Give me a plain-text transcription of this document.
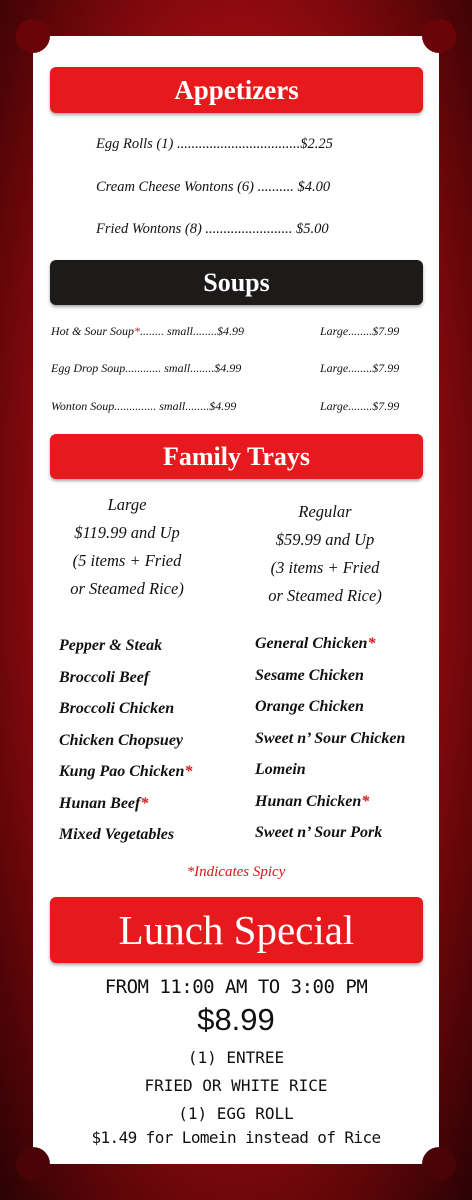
Appetizers
Egg Rolls (1) ..................................$2.25
Cream Cheese Wontons (6) .......... $4.00
Fried Wontons (8) ........................ $5.00
Soups
Hot & Sour Soup*........ small........$4.99	Large........$7.99
Egg Drop Soup............ small........$4.99	Large........$7.99
Wonton Soup.............. small........$4.99	Large........$7.99
Family Trays
Large
$119.99 and Up
(5 items + Fried
or Steamed Rice)
Regular
$59.99 and Up
(3 items + Fried
or Steamed Rice)
Pepper & Steak
Broccoli Beef
Broccoli Chicken
Chicken Chopsuey
Kung Pao Chicken*
Hunan Beef*
Mixed Vegetables
General Chicken*
Sesame Chicken
Orange Chicken
Sweet n’ Sour Chicken
Lomein
Hunan Chicken*
Sweet n’ Sour Pork
*Indicates Spicy
Lunch Special
FROM 11:00 AM TO 3:00 PM
$8.99
(1) ENTREE
FRIED OR WHITE RICE
(1) EGG ROLL
$1.49 for Lomein instead of Rice
